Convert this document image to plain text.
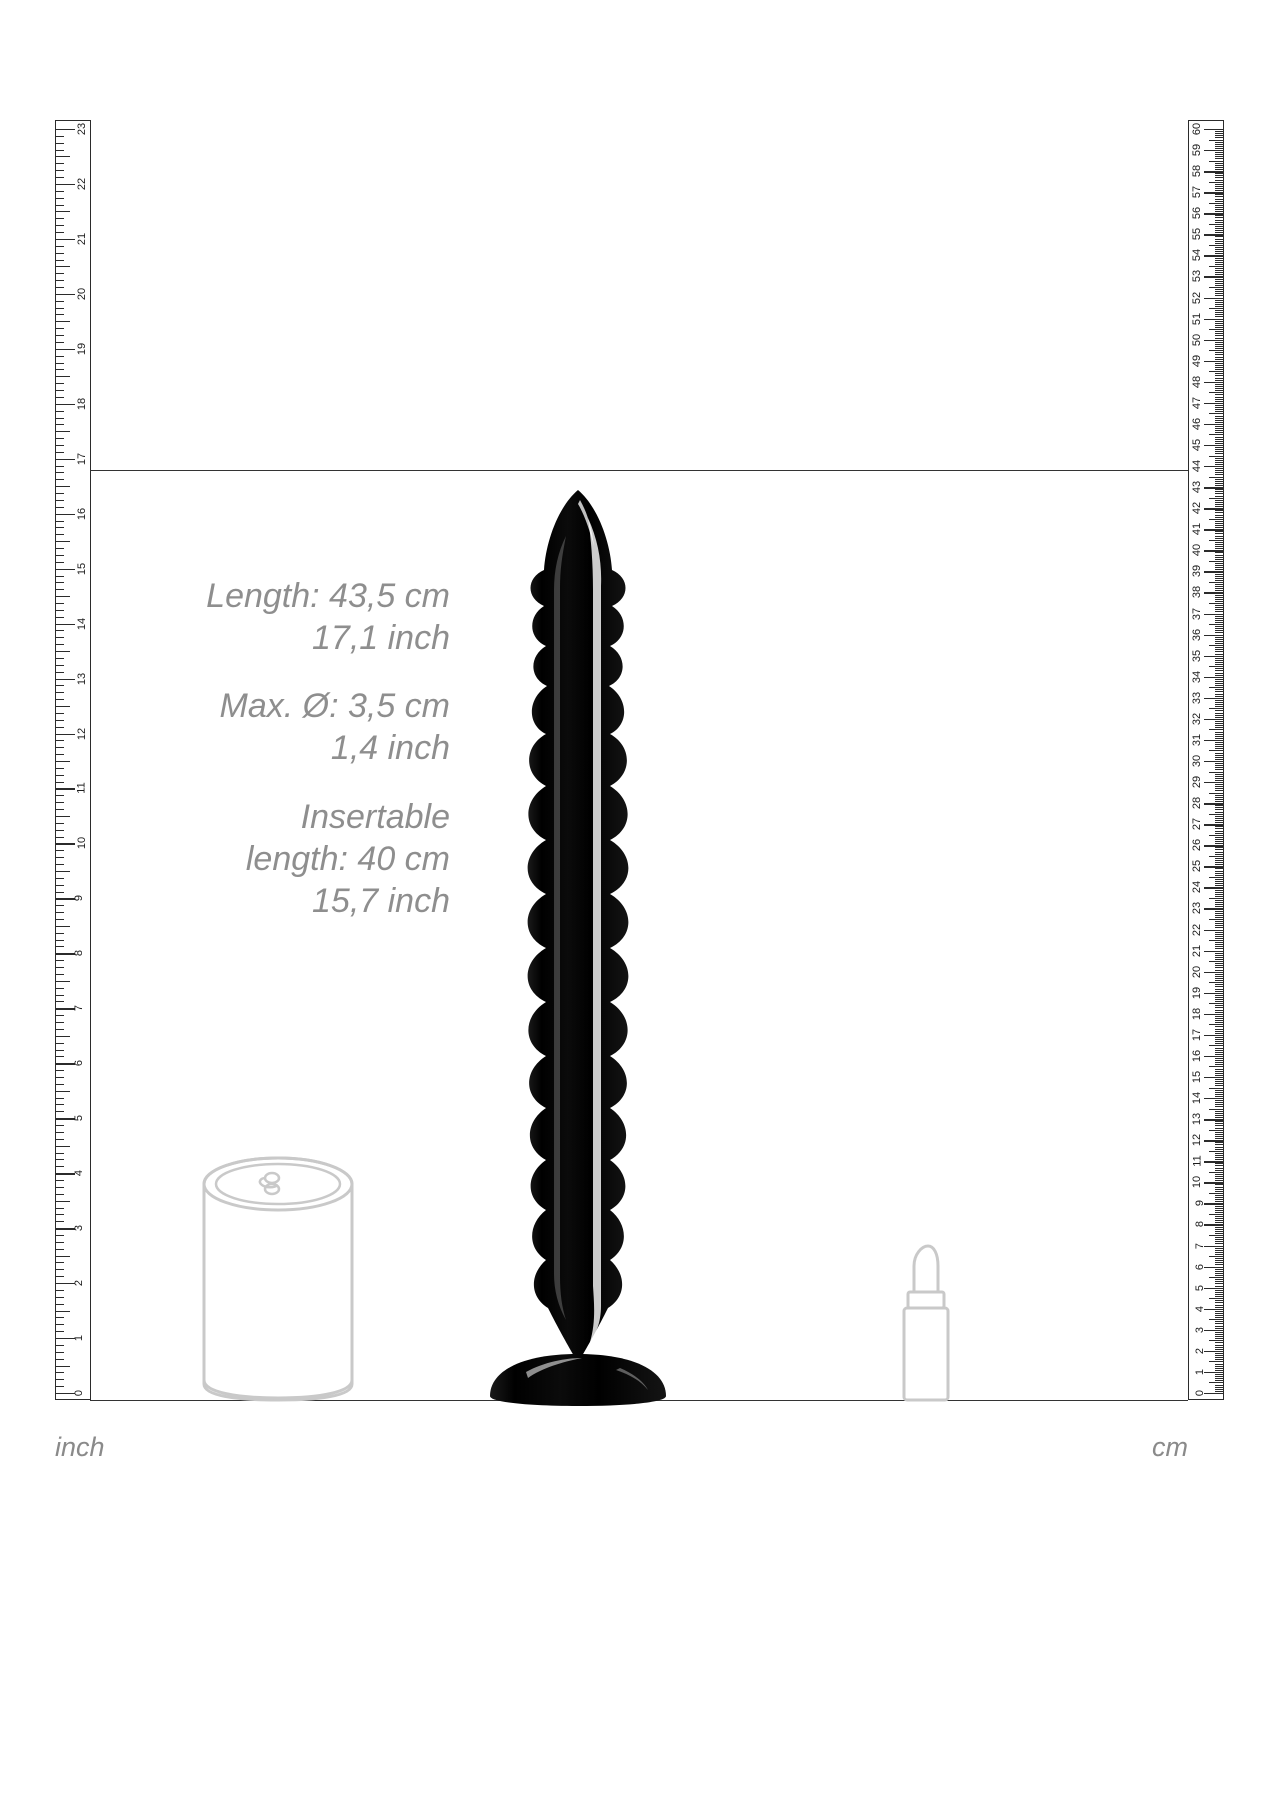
0
1
2
3
4
5
6
7
8
9
10
11
12
13
14
15
16
17
18
19
20
21
22
23
0
1
2
3
4
5
6
7
8
9
10
11
12
13
14
15
16
17
18
19
20
21
22
23
24
25
26
27
28
29
30
31
32
33
34
35
36
37
38
39
40
41
42
43
44
45
46
47
48
49
50
51
52
53
54
55
56
57
58
59
60
inch	cm
Length: 43,5 cm
17,1 inch
Max. Ø: 3,5 cm
1,4 inch
Insertable
length: 40 cm
15,7 inch
